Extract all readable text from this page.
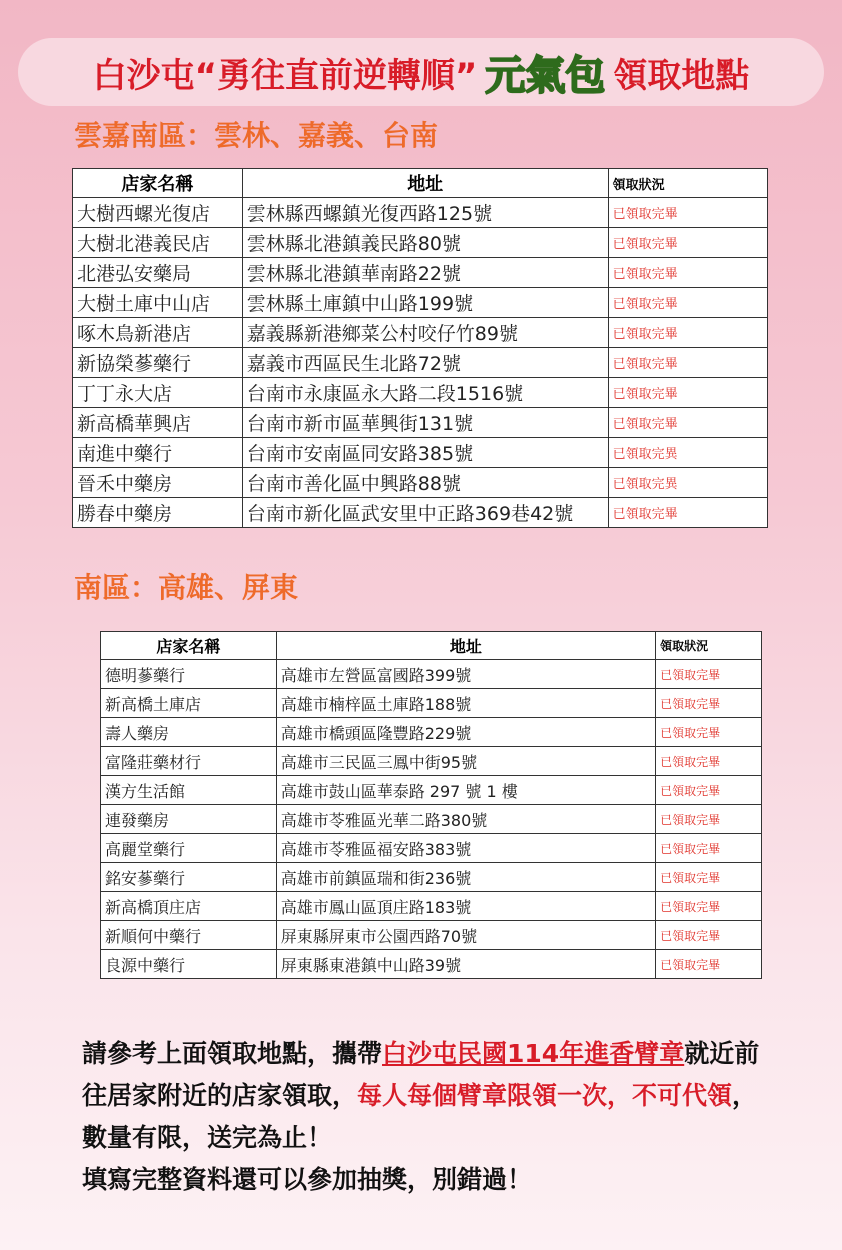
白沙屯 “勇往直前逆轉順” 元氣包 領取地點
雲嘉南區：雲林、嘉義、台南
店家名稱	地址	領取狀況
大樹西螺光復店	雲林縣西螺鎮光復西路125號	已領取完畢
大樹北港義民店	雲林縣北港鎮義民路80號	已領取完畢
北港弘安藥局	雲林縣北港鎮華南路22號	已領取完畢
大樹土庫中山店	雲林縣土庫鎮中山路199號	已領取完畢
啄木鳥新港店	嘉義縣新港鄉菜公村咬仔竹89號	已領取完畢
新協榮蔘藥行	嘉義市西區民生北路72號	已領取完畢
丁丁永大店	台南市永康區永大路二段1516號	已領取完畢
新高橋華興店	台南市新市區華興街131號	已領取完畢
南進中藥行	台南市安南區同安路385號	已領取完異
晉禾中藥房	台南市善化區中興路88號	已領取完異
勝春中藥房	台南市新化區武安里中正路369巷42號	已領取完畢
南區：高雄、屏東
店家名稱	地址	領取狀況
德明蔘藥行	高雄市左營區富國路399號	已領取完畢
新高橋土庫店	高雄市楠梓區土庫路188號	已領取完畢
壽人藥房	高雄市橋頭區隆豐路229號	已領取完畢
富隆莊藥材行	高雄市三民區三鳳中街95號	已領取完畢
漢方生活館	高雄市鼓山區華泰路 297 號 1 樓	已領取完畢
連發藥房	高雄市苓雅區光華二路380號	已領取完畢
高麗堂藥行	高雄市苓雅區福安路383號	已領取完畢
銘安蔘藥行	高雄市前鎮區瑞和街236號	已領取完畢
新高橋頂庄店	高雄市鳳山區頂庄路183號	已領取完畢
新順何中藥行	屏東縣屏東市公園西路70號	已領取完畢
良源中藥行	屏東縣東港鎮中山路39號	已領取完畢
請參考上面領取地點，攜帶白沙屯民國114年進香臂章就近前往居家附近的店家領取，每人每個臂章限領一次，不可代領，數量有限，送完為止！
填寫完整資料還可以參加抽獎，別錯過！
